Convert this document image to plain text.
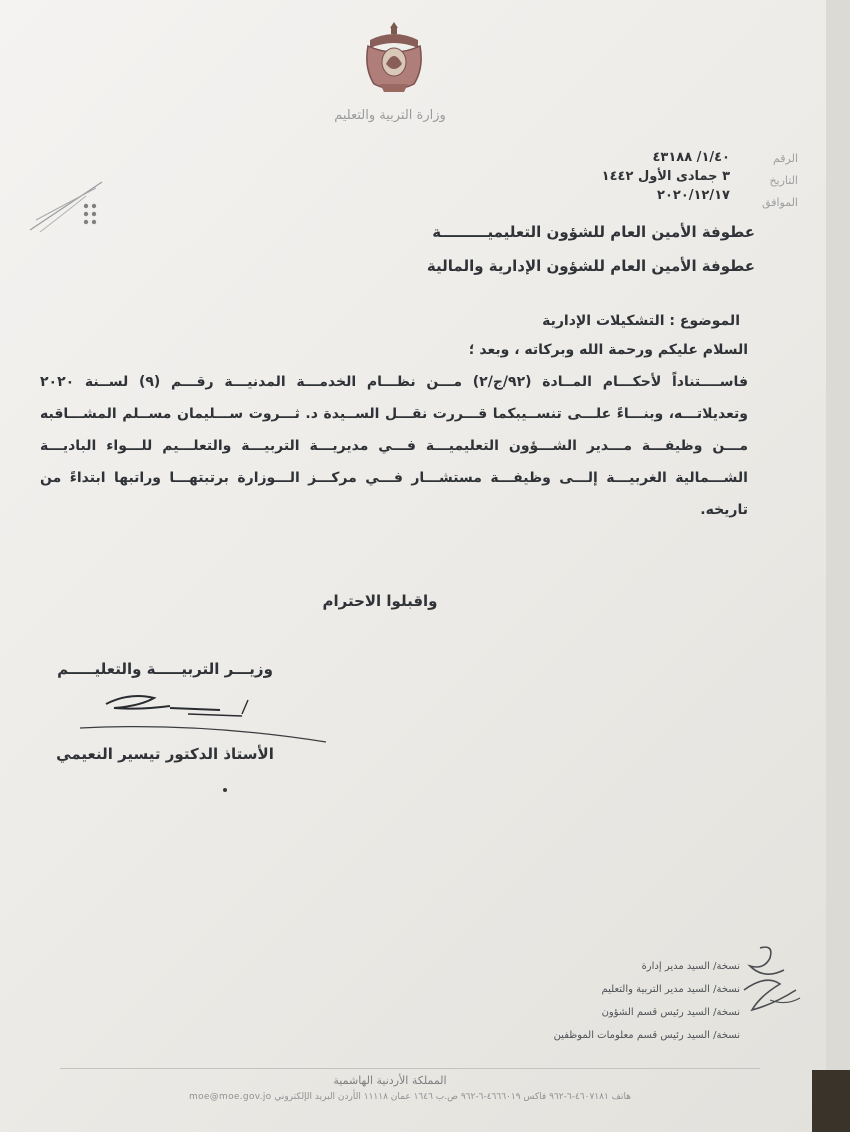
وزارة التربية والتعليم
الرقم
التاريخ
الموافق
١/٤٠/ ٤٣١٨٨
٣ جمادى الأول ١٤٤٢
٢٠٢٠/١٢/١٧
عطوفة الأمين العام للشؤون التعليميـــــــــة
عطوفة الأمين العام للشؤون الإدارية والمالية
الموضوع : التشكيلات الإدارية

السلام عليكم ورحمة الله وبركاته ، وبعد ؛

فاســــتناداً لأحكـــام المــادة (٩٢/ج/٢) مـــن نظـــام الخدمـــة المدنيـــة رقـــم (٩) لســنة ٢٠٢٠ وتعديلاتـــه، وبنـــاءً علـــى تنســيبكما قـــررت نقـــل الســيدة د. ثـــروت ســـليمان مســلم المشـــاقبه مـــن وظيفـــة مـــدير الشـــؤون التعليميـــة فـــي مديريـــة التربيـــة والتعلـــيم للـــواء الباديـــة الشـــمالية الغربيـــة إلـــى وظيفـــة مستشـــار فـــي مركـــز الـــوزارة برتبتهـــا وراتبها ابتداءً من تاريخه.

واقبلوا الاحترام
وزيـــر التربيـــــة والتعليـــــم
الأستاذ الدكتور تيسير النعيمي
نسخة/ السيد مدير إدارة
نسخة/ السيد مدير التربية والتعليم
نسخة/ السيد رئيس قسم الشؤون
نسخة/ السيد رئيس قسم معلومات الموظفين
المملكة الأردنية الهاشمية
هاتف ٤٦٠٧١٨١-٦-٩٦٢ فاكس ٤٦٦٦٠١٩-٦-٩٦٢ ص.ب ١٦٤٦ عمان ١١١١٨ الأردن البريد الإلكتروني moe@moe.gov.jo
